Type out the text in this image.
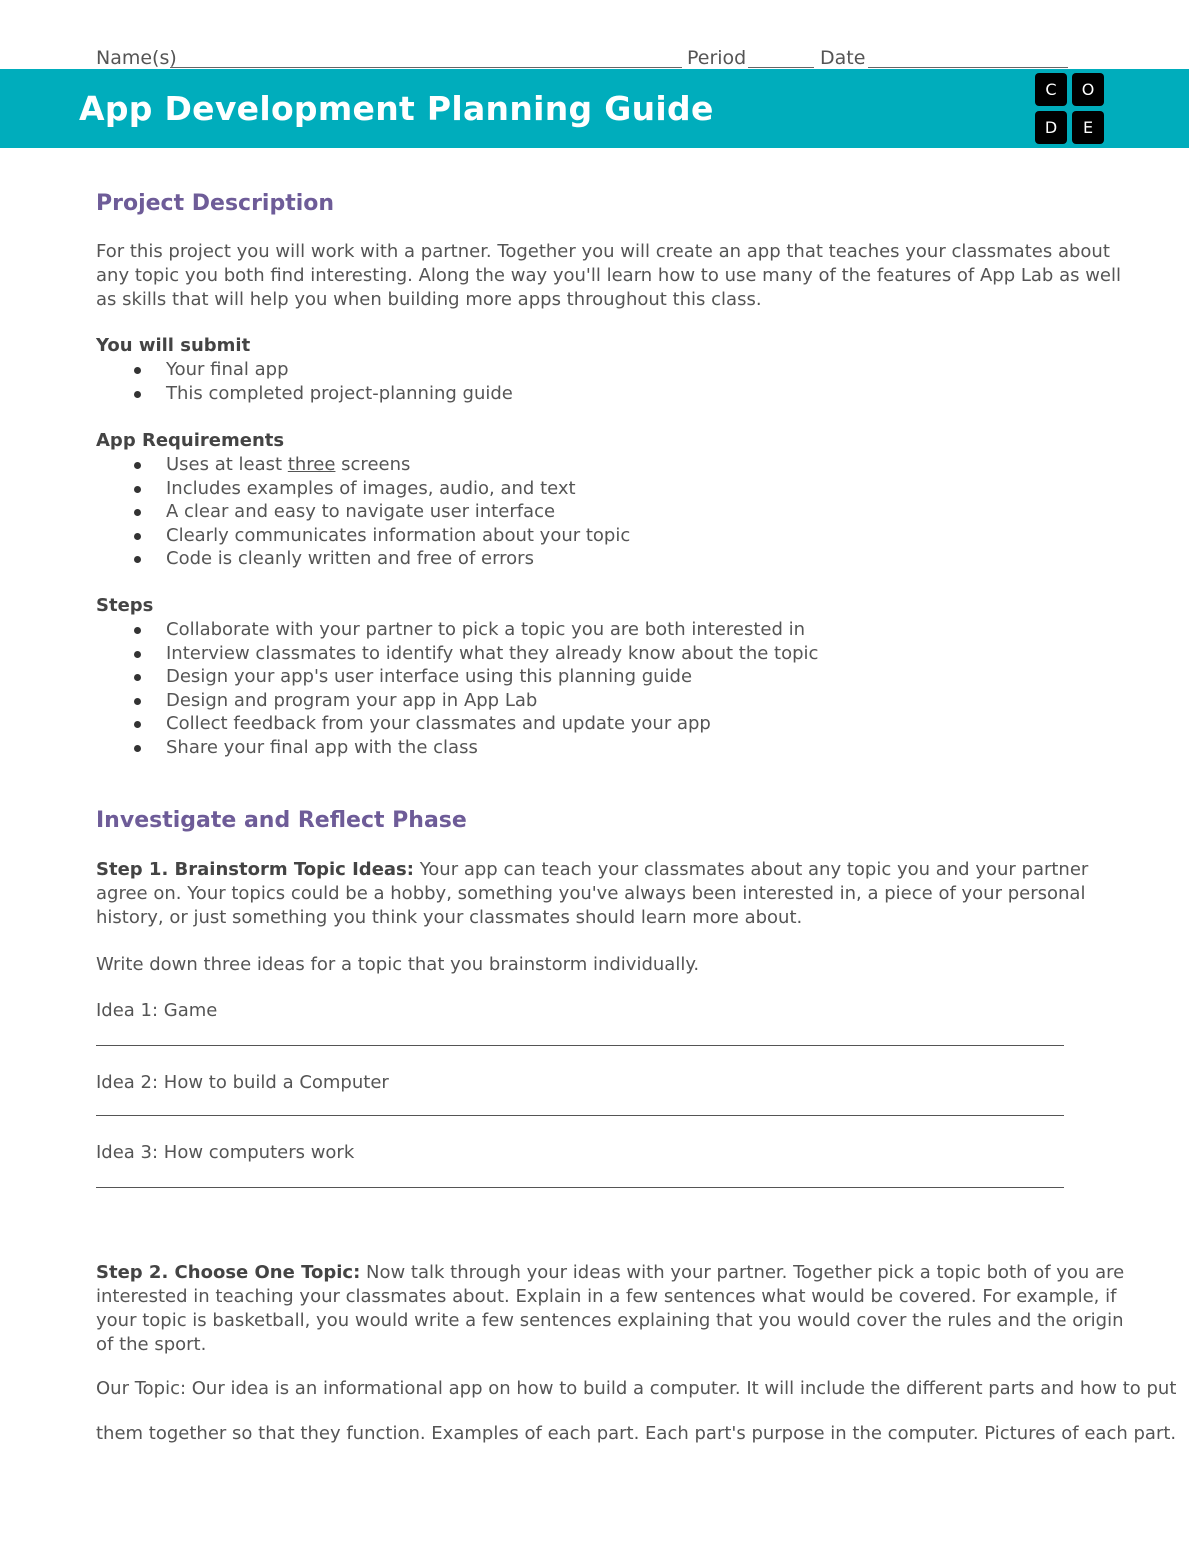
Name(s)	Period	Date
App Development Planning Guide	C	O
D	E
Project Description
For this project you will work with a partner. Together you will create an app that teaches your classmates about any topic you both find interesting. Along the way you'll learn how to use many of the features of App Lab as well as skills that will help you when building more apps throughout this class.
You will submit
Your final app
This completed project-planning guide
App Requirements
Uses at least three screens
Includes examples of images, audio, and text
A clear and easy to navigate user interface
Clearly communicates information about your topic
Code is cleanly written and free of errors
Steps
Collaborate with your partner to pick a topic you are both interested in
Interview classmates to identify what they already know about the topic
Design your app's user interface using this planning guide
Design and program your app in App Lab
Collect feedback from your classmates and update your app
Share your final app with the class
Investigate and Reflect Phase
Step 1. Brainstorm Topic Ideas: Your app can teach your classmates about any topic you and your partner agree on. Your topics could be a hobby, something you've always been interested in, a piece of your personal history, or just something you think your classmates should learn more about.
Write down three ideas for a topic that you brainstorm individually.
Idea 1: Game
Idea 2: How to build a Computer
Idea 3: How computers work
Step 2. Choose One Topic: Now talk through your ideas with your partner. Together pick a topic both of you are interested in teaching your classmates about. Explain in a few sentences what would be covered. For example, if your topic is basketball, you would write a few sentences explaining that you would cover the rules and the origin of the sport.
Our Topic: Our idea is an informational app on how to build a computer. It will include the different parts and how to put
them together so that they function. Examples of each part. Each part's purpose in the computer. Pictures of each part.
